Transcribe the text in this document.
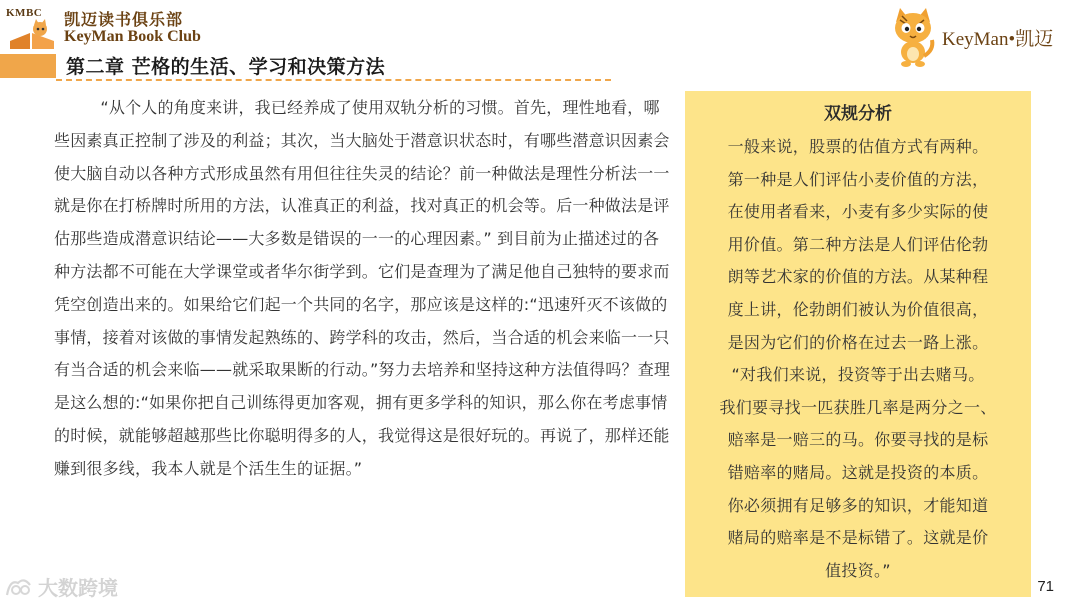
KMBC 凯迈读书俱乐部
KeyMan Book Club
第二章 芒格的生活、学习和决策方法
KeyMan•凯迈

“从个人的角度来讲，我已经养成了使用双轨分析的习惯。首先，理性地看，哪些因素真正控制了涉及的利益；其次，当大脑处于潜意识状态时，有哪些潜意识因素会使大脑自动以各种方式形成虽然有用但往往失灵的结论？前一种做法是理性分析法一一就是你在打桥牌时所用的方法，认准真正的利益，找对真正的机会等。后一种做法是评估那些造成潜意识结论——大多数是错误的一一的心理因素。” 到目前为止描述过的各种方法都不可能在大学课堂或者华尔街学到。它们是查理为了满足他自己独特的要求而凭空创造出来的。如果给它们起一个共同的名字，那应该是这样的:“迅速歼灭不该做的事情，接着对该做的事情发起熟练的、跨学科的攻击，然后，当合适的机会来临一一只有当合适的机会来临——就采取果断的行动。”努力去培养和坚持这种方法值得吗？查理是这么想的:“如果你把自己训练得更加客观，拥有更多学科的知识，那么你在考虑事情的时候，就能够超越那些比你聪明得多的人，我觉得这是很好玩的。再说了，那样还能赚到很多线，我本人就是个活生生的证据。”

双规分析
一般来说，股票的估值方式有两种。
第一种是人们评估小麦价值的方法，
在使用者看来，小麦有多少实际的使
用价值。第二种方法是人们评估伦勃
朗等艺术家的价值的方法。从某种程
度上讲，伦勃朗们被认为价值很高，
是因为它们的价格在过去一路上涨。
“对我们来说，投资等于出去赌马。
我们要寻找一匹获胜几率是两分之一、
赔率是一赔三的马。你要寻找的是标
错赔率的赌局。这就是投资的本质。
你必须拥有足够多的知识，才能知道
赌局的赔率是不是标错了。这就是价
值投资。”
大数跨境	71
